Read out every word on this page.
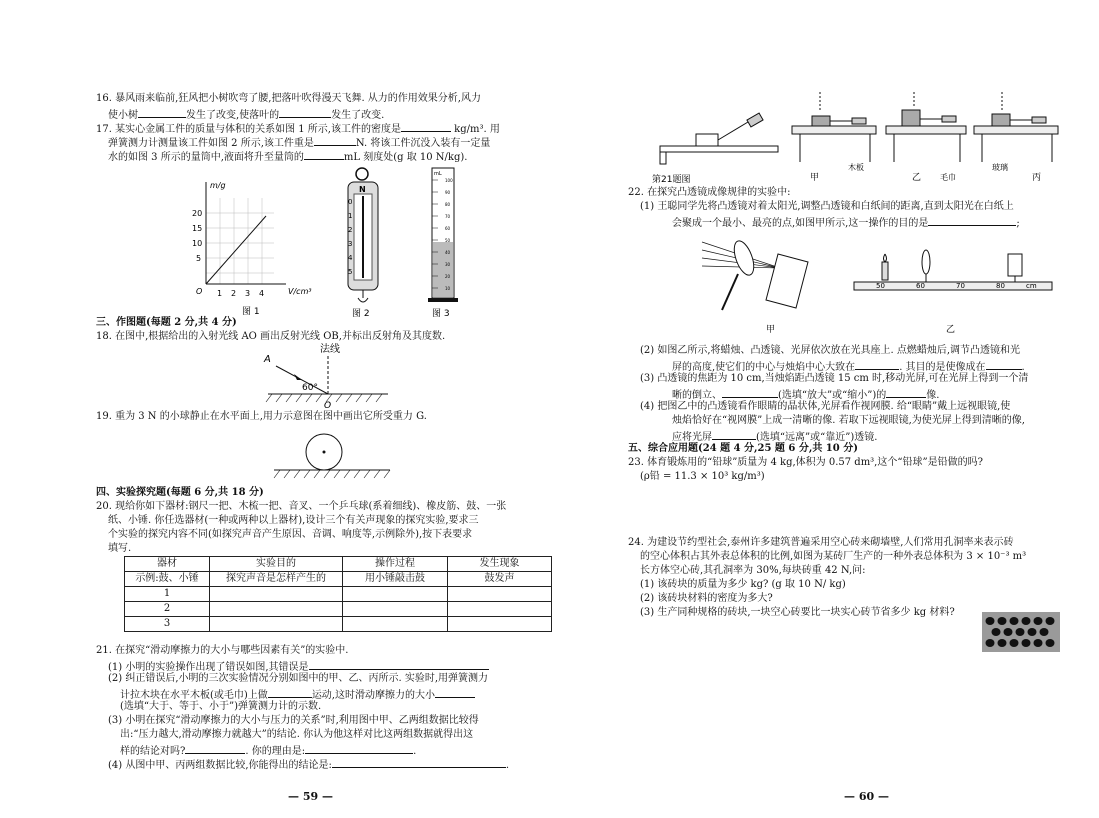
16. 暴风雨来临前,狂风把小树吹弯了腰,把落叶吹得漫天飞舞. 从力的作用效果分析,风力
使小树	发生了改变,使落叶的	发生了改变.
17. 某实心金属工件的质量与体积的关系如图 1 所示,该工件的密度是	kg/m³. 用
弹簧测力计测量该工件如图 2 所示,该工件重是	N. 将该工件沉没入装有一定量
水的如图 3 所示的量筒中,液面将升至量筒的	mL 刻度处(g 取 10 N/kg).
m/g
V/cm³
20
15
10
5
1 2 3 4
O
图 1
N
0
1
2
3
4
5
图 2
mL
100
90
80
70
60
50
40
30
20
10
图 3
三、作图题(每题 2 分,共 4 分)
18. 在图中,根据给出的入射光线 AO 画出反射光线 OB,并标出反射角及其度数.
法线
A
60°
O
19. 重为 3 N 的小球静止在水平面上,用力示意图在图中画出它所受重力 G.
四、实验探究题(每题 6 分,共 18 分)
20. 现给你如下器材:钢尺一把、木梳一把、音叉、一个乒乓球(系着细线)、橡皮筋、鼓、一张
纸、小锤. 你任选器材(一种或两种以上器材),设计三个有关声现象的探究实验,要求三
个实验的探究内容不同(如探究声音产生原因、音调、响度等,示例除外),按下表要求
填写.
器材	实验目的	操作过程	发生现象
示例:鼓、小锤	探究声音是怎样产生的	用小锤敲击鼓	鼓发声
1			
2			
3			
21. 在探究“滑动摩擦力的大小与哪些因素有关”的实验中.
(1) 小明的实验操作出现了错误如图,其错误是
(2) 纠正错误后,小明的三次实验情况分别如图中的甲、乙、丙所示. 实验时,用弹簧测力
计拉木块在水平木板(或毛巾)上做	运动,这时滑动摩擦力的大小
(选填“大于、等于、小于”)弹簧测力计的示数.
(3) 小明在探究“滑动摩擦力的大小与压力的关系”时,利用图中甲、乙两组数据比较得
出:“压力越大,滑动摩擦力就越大”的结论. 你认为他这样对比这两组数据就得出这
样的结论对吗?	. 你的理由是:	.
(4) 从图中甲、丙两组数据比较,你能得出的结论是:	.
— 59 —
第21题图	甲
木板
乙 毛巾
玻璃
丙
22. 在探究凸透镜成像规律的实验中:
(1) 王聪同学先将凸透镜对着太阳光,调整凸透镜和白纸间的距离,直到太阳光在白纸上
会聚成一个最小、最亮的点,如图甲所示,这一操作的目的是	;
甲
50	60	70	80	cm
乙
(2) 如图乙所示,将蜡烛、凸透镜、光屏依次放在光具座上. 点燃蜡烛后,调节凸透镜和光
屏的高度,使它们的中心与烛焰中心大致在	. 其目的是使像成在	.
(3) 凸透镜的焦距为 10 cm,当烛焰距凸透镜 15 cm 时,移动光屏,可在光屏上得到一个清
晰的倒立、	(选填“放大”或“缩小”)的	像.
(4) 把图乙中的凸透镜看作眼睛的晶状体,光屏看作视网膜. 给“眼睛”戴上远视眼镜,使
烛焰恰好在“视网膜”上成一清晰的像. 若取下远视眼镜,为使光屏上得到清晰的像,
应将光屏	(选填“远离”或“靠近”)透镜.
五、综合应用题(24 题 4 分,25 题 6 分,共 10 分)
23. 体育锻炼用的“铅球”质量为 4 kg,体积为 0.57 dm³,这个“铅球”是铅做的吗?
(ρ铅 = 11.3 × 10³ kg/m³)
24. 为建设节约型社会,泰州许多建筑普遍采用空心砖来砌墙壁,人们常用孔洞率来表示砖
的空心体积占其外表总体积的比例,如图为某砖厂生产的一种外表总体积为 3 × 10⁻³ m³
长方体空心砖,其孔洞率为 30%,每块砖重 42 N,问:
(1) 该砖块的质量为多少 kg? (g 取 10 N/ kg)
(2) 该砖块材料的密度为多大?
(3) 生产同种规格的砖块,一块空心砖要比一块实心砖节省多少 kg 材料?
— 60 —
